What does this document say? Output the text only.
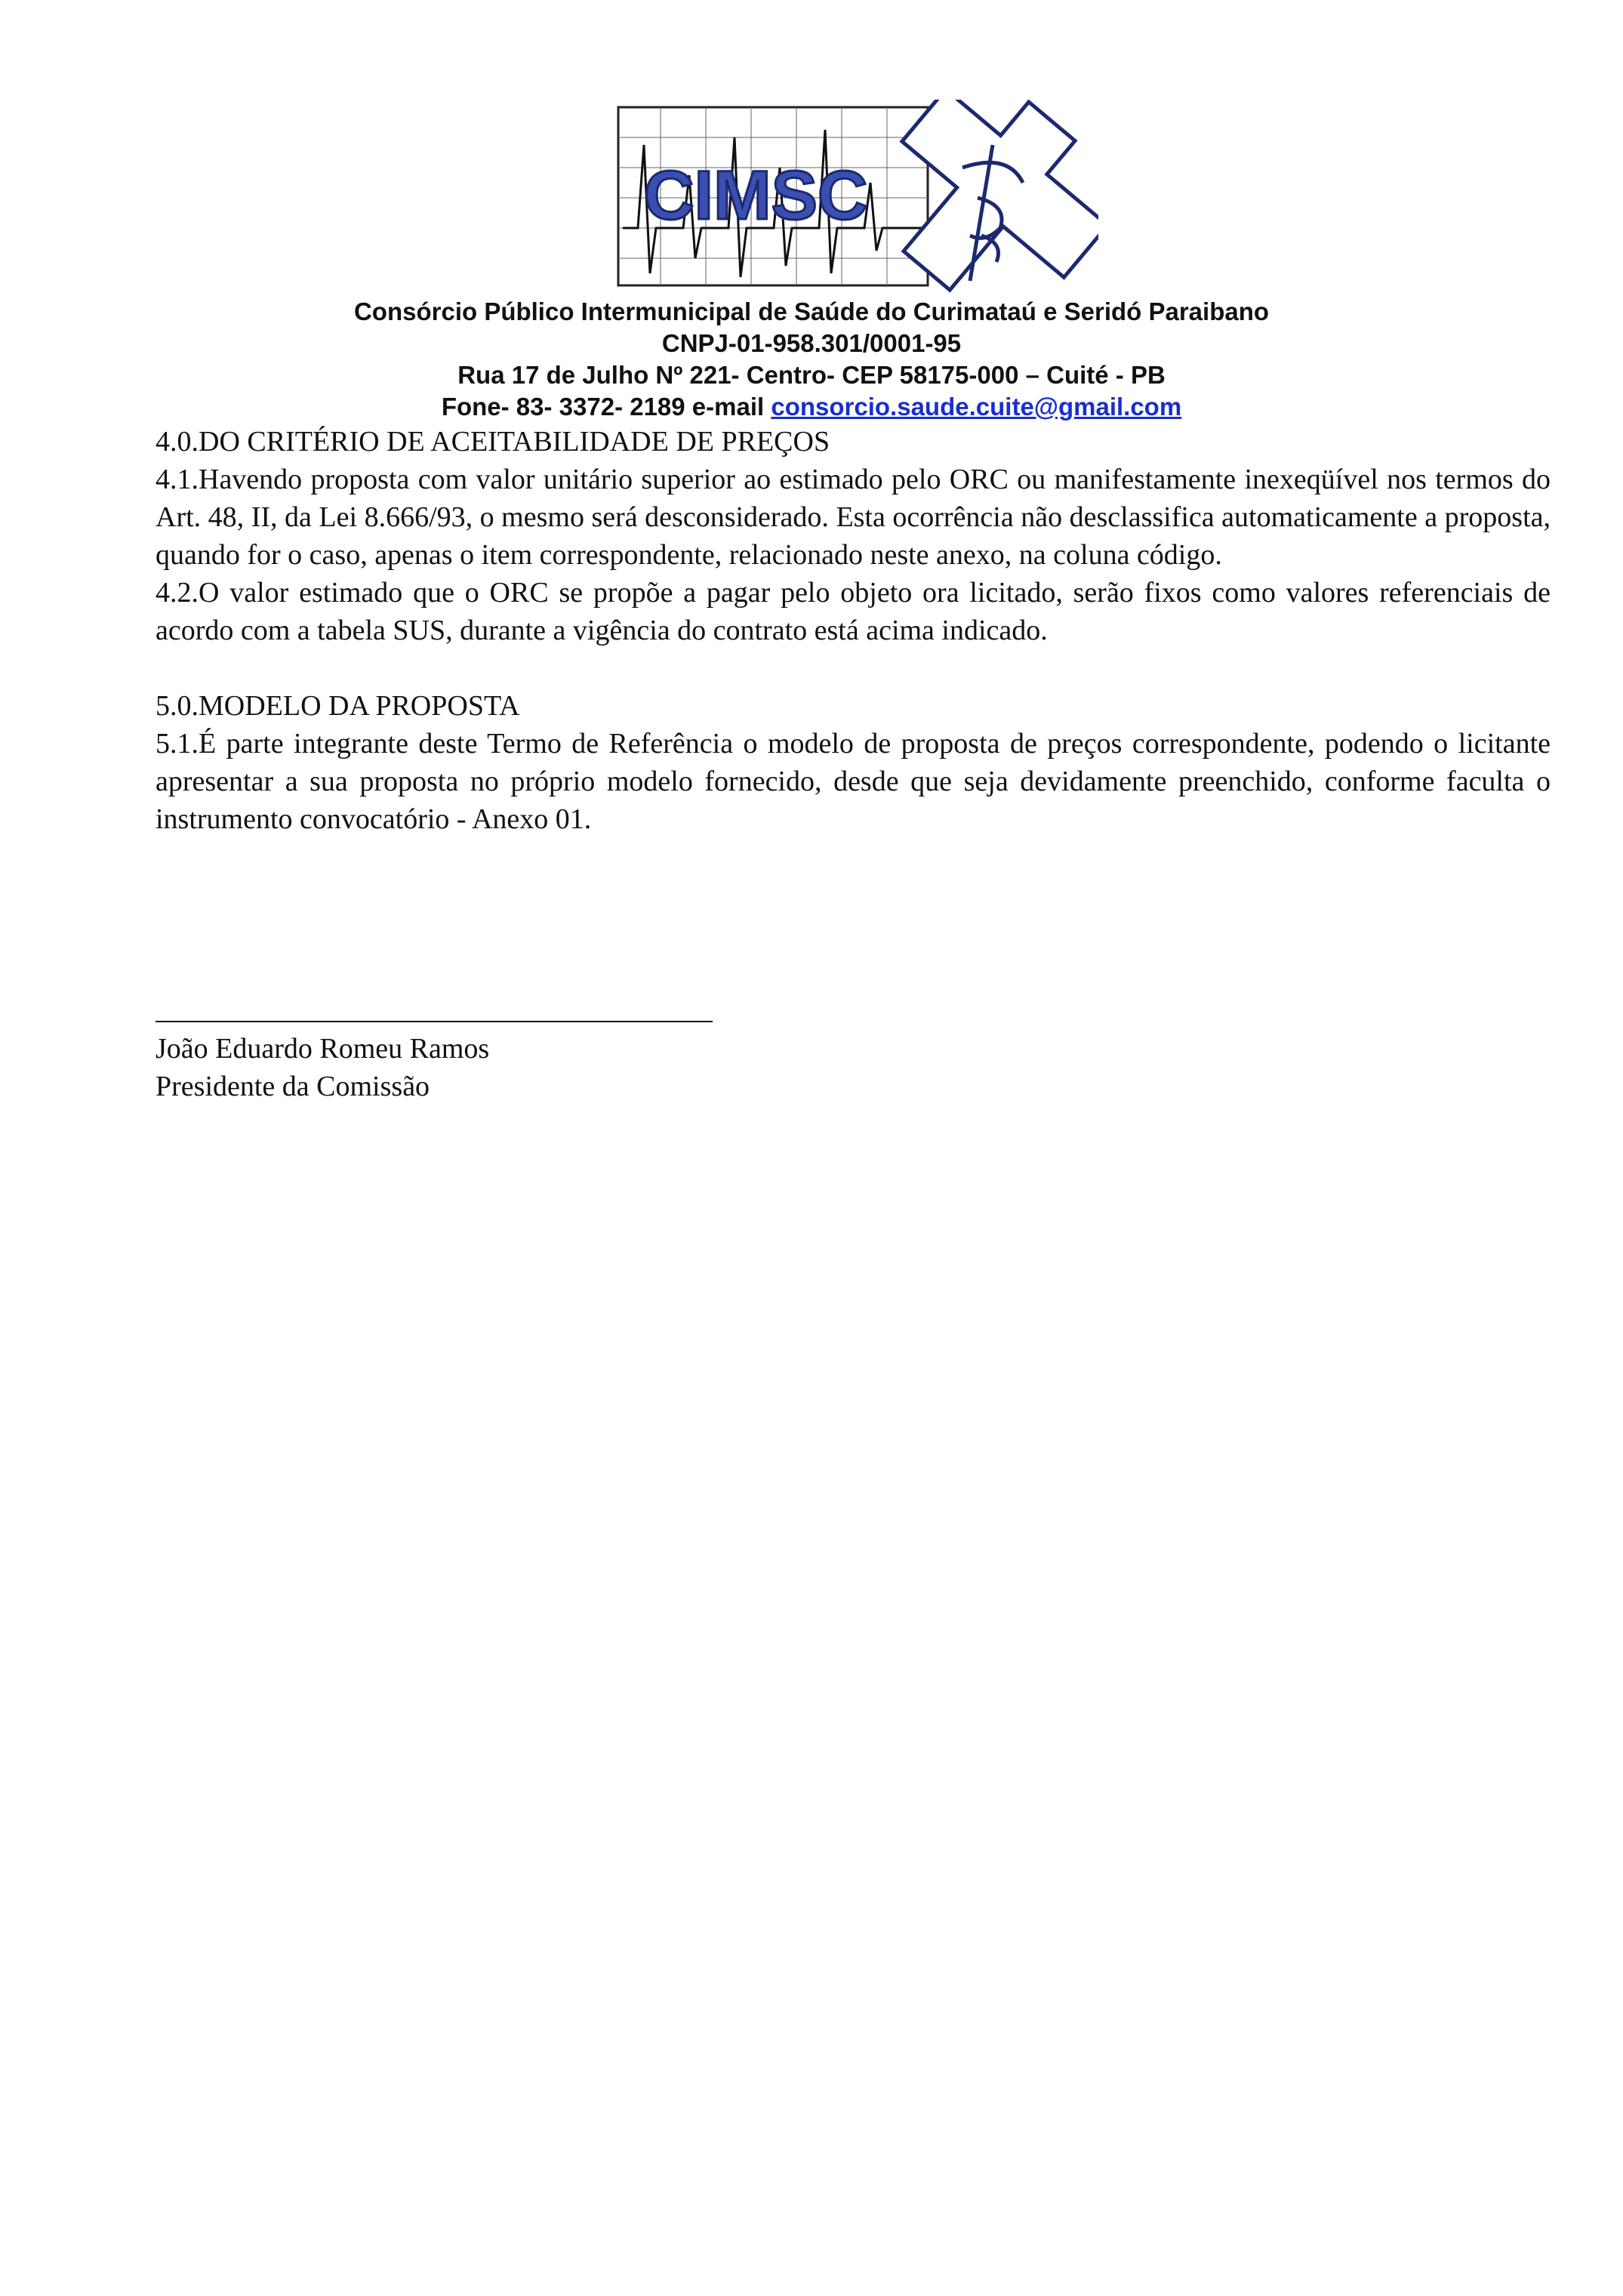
CIMSC
Consórcio Público Intermunicipal de Saúde do Curimataú e Seridó Paraibano
CNPJ-01-958.301/0001-95
Rua 17 de Julho Nº 221- Centro- CEP 58175-000 – Cuité - PB
Fone- 83- 3372- 2189 e-mail consorcio.saude.cuite@gmail.com

4.0.DO CRITÉRIO DE ACEITABILIDADE DE PREÇOS

4.1.Havendo proposta com valor unitário superior ao estimado pelo ORC ou manifestamente inexeqüível nos termos do Art. 48, II, da Lei 8.666/93, o mesmo será desconsiderado. Esta ocorrência não desclassifica automaticamente a proposta, quando for o caso, apenas o item correspondente, relacionado neste anexo, na coluna código.

4.2.O valor estimado que o ORC se propõe a pagar pelo objeto ora licitado, serão fixos como valores referenciais de acordo com a tabela SUS, durante a vigência do contrato está acima indicado.

5.0.MODELO DA PROPOSTA

5.1.É parte integrante deste Termo de Referência o modelo de proposta de preços correspondente, podendo o licitante apresentar a sua proposta no próprio modelo fornecido, desde que seja devidamente preenchido, conforme faculta o instrumento convocatório - Anexo 01.

João Eduardo Romeu Ramos
Presidente da Comissão
